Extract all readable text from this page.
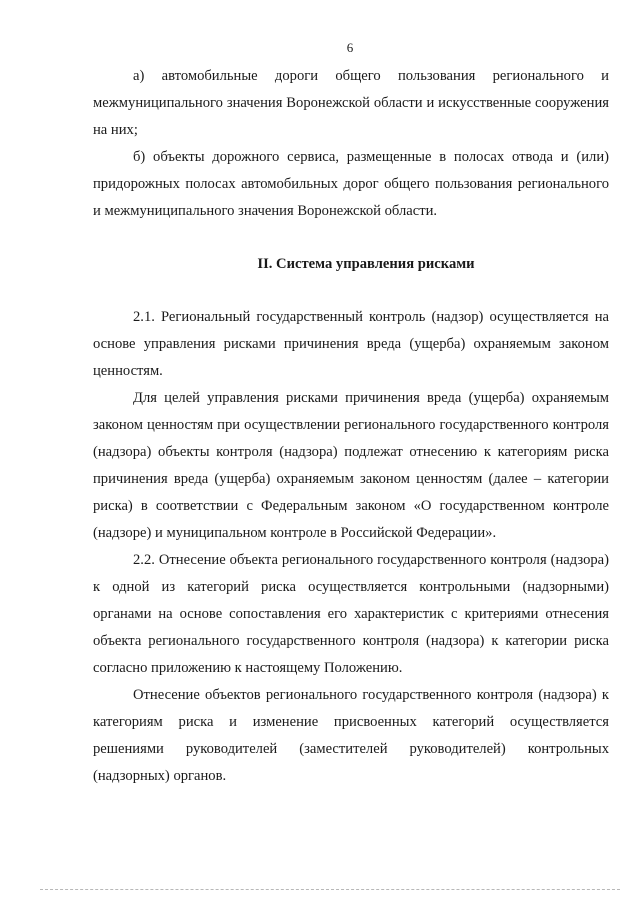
6

а) автомобильные дороги общего пользования регионального и межмуниципального значения Воронежской области и искусственные сооружения на них;

б) объекты дорожного сервиса, размещенные в полосах отвода и (или) придорожных полосах автомобильных дорог общего пользования регионального и межмуниципального значения Воронежской области.

II. Система управления рисками

2.1. Региональный государственный контроль (надзор) осуществляется на основе управления рисками причинения вреда (ущерба) охраняемым законом ценностям.

Для целей управления рисками причинения вреда (ущерба) охраняемым законом ценностям при осуществлении регионального государственного контроля (надзора) объекты контроля (надзора) подлежат отнесению к категориям риска причинения вреда (ущерба) охраняемым законом ценностям (далее – категории риска) в соответствии с Федеральным законом «О государственном контроле (надзоре) и муниципальном контроле в Российской Федерации».

2.2. Отнесение объекта регионального государственного контроля (надзора) к одной из категорий риска осуществляется контрольными (надзорными) органами на основе сопоставления его характеристик с критериями отнесения объекта регионального государственного контроля (надзора) к категории риска согласно приложению к настоящему Положению.

Отнесение объектов регионального государственного контроля (надзора) к категориям риска и изменение присвоенных категорий осуществляется решениями руководителей (заместителей руководителей) контрольных (надзорных) органов.
